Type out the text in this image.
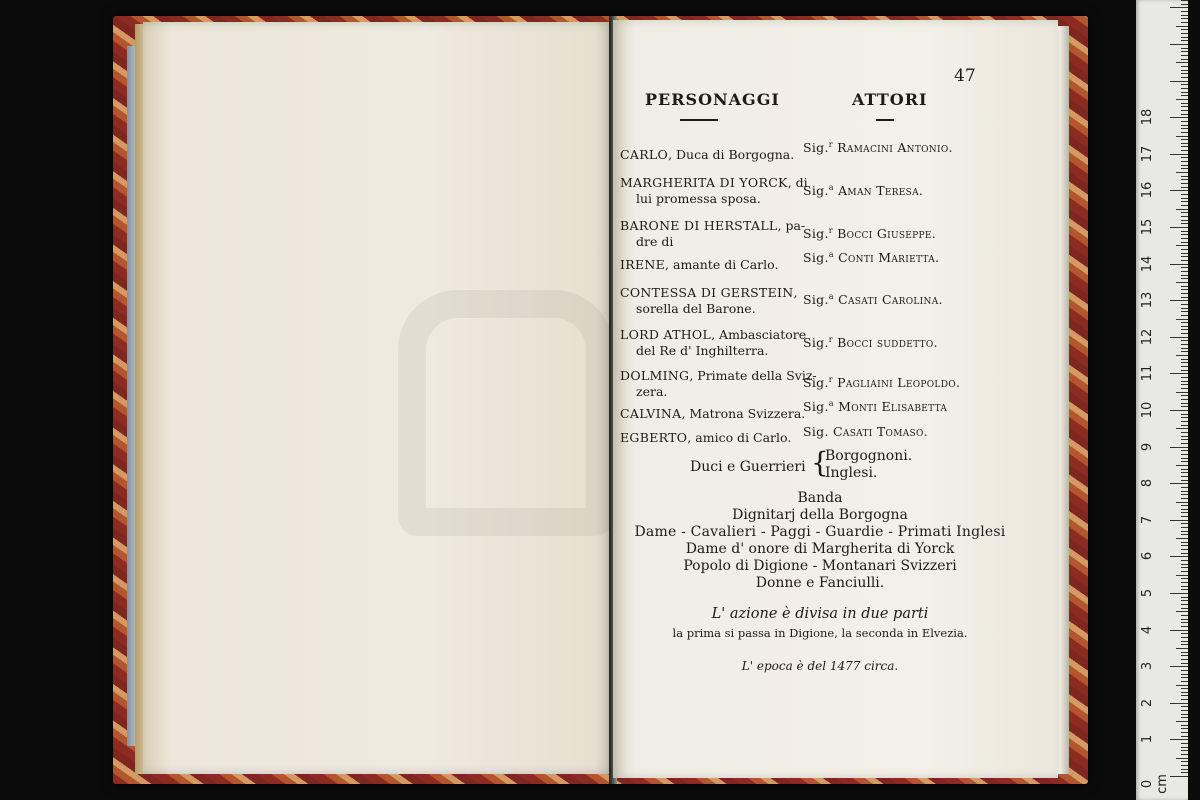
47
PERSONAGGI	ATTORI
CARLO, Duca di Borgogna. Sig.$^r$ Ramacini Antonio.
MARGHERITA DI YORCK, di
lui promessa sposa.
Sig.$^a$ Aman Teresa.
BARONE DI HERSTALL, pa-
dre di
Sig.$^r$ Bocci Giuseppe.
IRENE, amante di Carlo. Sig.$^a$ Conti Marietta.
CONTESSA DI GERSTEIN,
sorella del Barone.
Sig.$^a$ Casati Carolina.
LORD ATHOL, Ambasciatore
del Re d' Inghilterra.
Sig.$^r$ Bocci suddetto.
DOLMING, Primate della Sviz-
zera.
Sig.$^r$ Pagliaini Leopoldo.
CALVINA, Matrona Svizzera.
Sig.$^a$ Monti Elisabetta
EGBERTO, amico di Carlo. Sig. Casati Tomaso.
Duci e Guerrieri {
Borgognoni.
Inglesi.
Banda
Dignitarj della Borgogna
Dame - Cavalieri - Paggi - Guardie - Primati Inglesi
Dame d' onore di Margherita di Yorck
Popolo di Digione - Montanari Svizzeri
Donne e Fanciulli.
L' azione è divisa in due parti
la prima si passa in Digione, la seconda in Elvezia.
L' epoca è del 1477 circa.
0 cm
1
2
3
4
5
6
7
8
9
10
11
12
13
14
15
16
17
18
